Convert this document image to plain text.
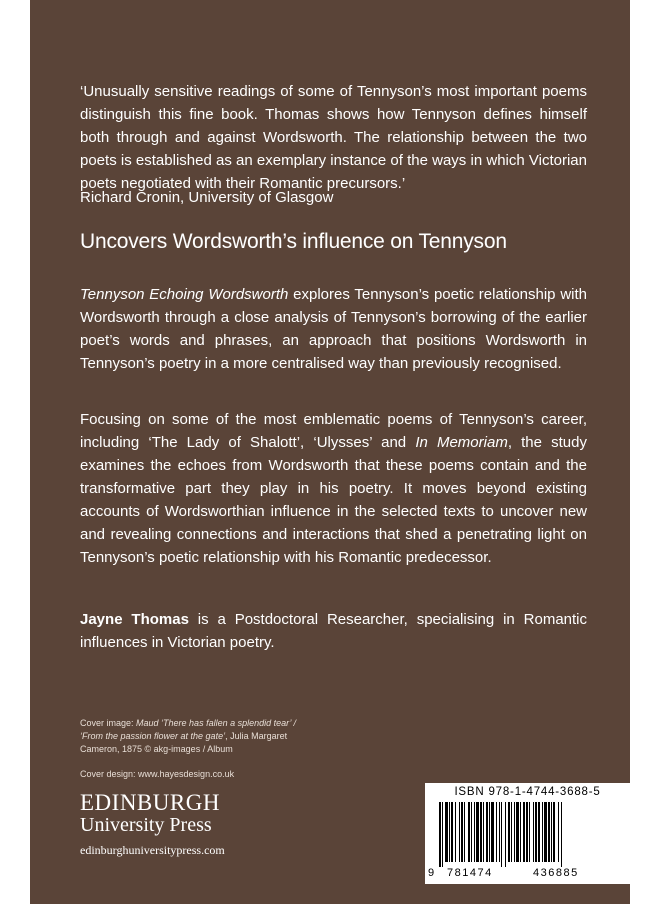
‘Unusually sensitive readings of some of Tennyson’s most important poems distinguish this fine book. Thomas shows how Tennyson defines himself both through and against Wordsworth. The relationship between the two poets is established as an exemplary instance of the ways in which Victorian poets negotiated with their Romantic precursors.’

Richard Cronin, University of Glasgow
Uncovers Wordsworth’s influence on Tennyson

Tennyson Echoing Wordsworth explores Tennyson’s poetic relationship with Wordsworth through a close analysis of Tennyson’s borrowing of the earlier poet’s words and phrases, an approach that positions Wordsworth in Tennyson’s poetry in a more centralised way than previously recognised.

Focusing on some of the most emblematic poems of Tennyson’s career, including ‘The Lady of Shalott’, ‘Ulysses’ and In Memoriam, the study examines the echoes from Wordsworth that these poems contain and the transformative part they play in his poetry. It moves beyond existing accounts of Wordsworthian influence in the selected texts to uncover new and revealing connections and interactions that shed a penetrating light on Tennyson’s poetic relationship with his Romantic predecessor.

Jayne Thomas is a Postdoctoral Researcher, specialising in Romantic influences in Victorian poetry.

Cover image: Maud ‘There has fallen a splendid tear’ / ‘From the passion flower at the gate’, Julia Margaret Cameron, 1875 © akg-images / Album
Cover design: www.hayesdesign.co.uk
EDINBURGH
University Press
edinburghuniversitypress.com
ISBN 978-1-4744-3688-5
9 781474	436885
